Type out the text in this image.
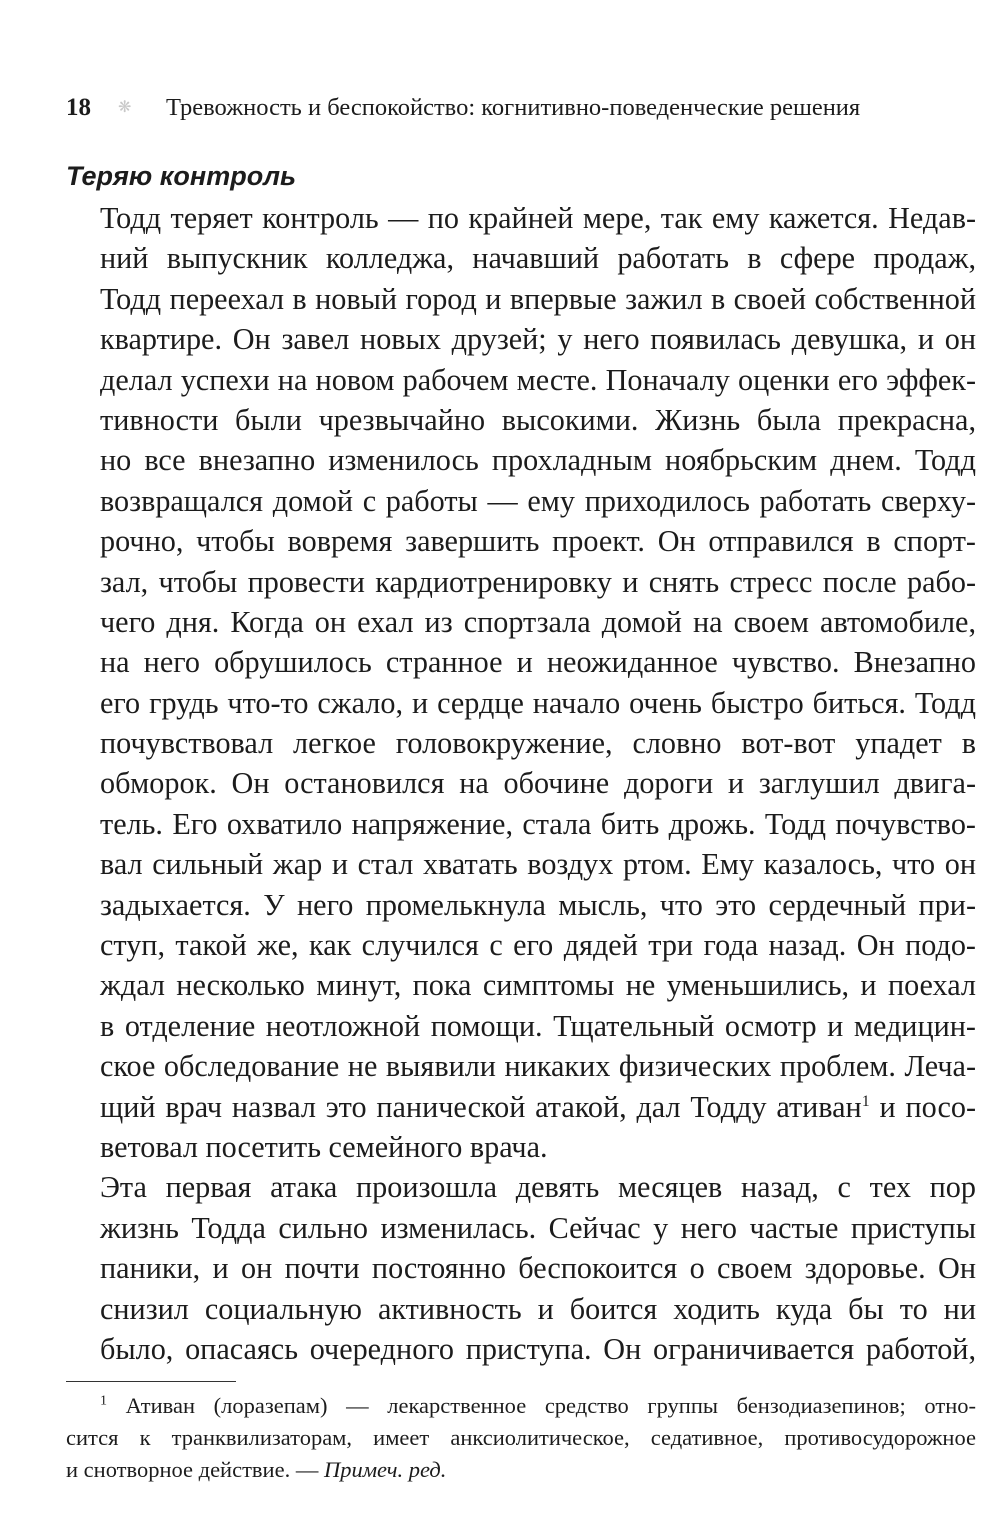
18 ❋ Тревожность и беспокойство: когнитивно-поведенческие решения
Теряю контроль
Тодд теряет контроль — по крайней мере, так ему кажется. Недав-
ний выпускник колледжа, начавший работать в сфере продаж,
Тодд переехал в новый город и впервые зажил в своей собственной
квартире. Он завел новых друзей; у него появилась девушка, и он
делал успехи на новом рабочем месте. Поначалу оценки его эффек-
тивности были чрезвычайно высокими. Жизнь была прекрасна,
но все внезапно изменилось прохладным ноябрьским днем. Тодд
возвращался домой с работы — ему приходилось работать сверху-
рочно, чтобы вовремя завершить проект. Он отправился в спорт-
зал, чтобы провести кардиотренировку и снять стресс после рабо-
чего дня. Когда он ехал из спортзала домой на своем автомобиле,
на него обрушилось странное и неожиданное чувство. Внезапно
его грудь что-то сжало, и сердце начало очень быстро биться. Тодд
почувствовал легкое головокружение, словно вот-вот упадет в
обморок. Он остановился на обочине дороги и заглушил двига-
тель. Его охватило напряжение, стала бить дрожь. Тодд почувство-
вал сильный жар и стал хватать воздух ртом. Ему казалось, что он
задыхается. У него промелькнула мысль, что это сердечный при-
ступ, такой же, как случился с его дядей три года назад. Он подо-
ждал несколько минут, пока симптомы не уменьшились, и поехал
в отделение неотложной помощи. Тщательный осмотр и медицин-
ское обследование не выявили никаких физических проблем. Леча-
щий врач назвал это панической атакой, дал Тодду ативан$^1$ и посо-
ветовал посетить семейного врача.
Эта первая атака произошла девять месяцев назад, с тех пор
жизнь Тодда сильно изменилась. Сейчас у него частые приступы
паники, и он почти постоянно беспокоится о своем здоровье. Он
снизил социальную активность и боится ходить куда бы то ни
было, опасаясь очередного приступа. Он ограничивается работой,
$^1$ Ативан (лоразепам) — лекарственное средство группы бензодиазепинов; отно-
сится к транквилизаторам, имеет анксиолитическое, седативное, противосудорожное
и снотворное действие. — Примеч. ред.
